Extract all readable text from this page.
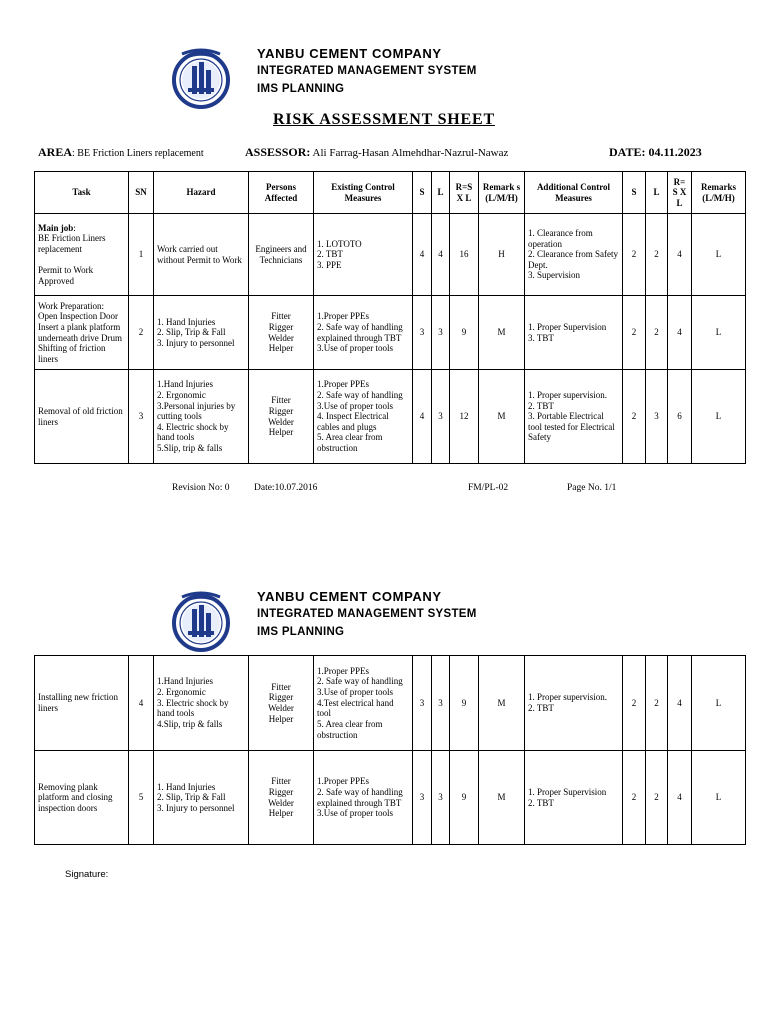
YANBU CEMENT COMPANY
INTEGRATED MANAGEMENT SYSTEM
IMS PLANNING
RISK ASSESSMENT SHEET
AREA: BE Friction Liners replacement	ASSESSOR: Ali Farrag-Hasan Almehdhar-Nazrul-Nawaz	DATE: 04.11.2023
Task	SN	Hazard	Persons Affected	Existing Control Measures	S	L	R=S X L	Remark s (L/M/H)	Additional Control Measures	S	L	R= S X L	Remarks (L/M/H)
Main job:
BE Friction Liners replacement

Permit to Work Approved	1	Work carried out without Permit to Work	Engineers and Technicians	1. LOTOTO
2. TBT
3. PPE	4	4	16	H	1. Clearance from operation
2. Clearance from Safety Dept.
3. Supervision	2	2	4	L
Work Preparation:
Open Inspection Door
Insert a plank platform underneath drive Drum
Shifting of friction liners	2	1. Hand Injuries
2. Slip, Trip & Fall
3. Injury to personnel	Fitter
Rigger
Welder
Helper	1.Proper PPEs
2. Safe way of handling explained through TBT
3.Use of proper tools	3	3	9	M	1. Proper Supervision
3. TBT	2	2	4	L
Removal of old friction liners	3	1.Hand Injuries
2. Ergonomic
3.Personal injuries by cutting tools
4. Electric shock by hand tools
5.Slip, trip & falls	Fitter
Rigger
Welder
Helper	1.Proper PPEs
2. Safe way of handling
3.Use of proper tools
4. Inspect Electrical cables and plugs
5. Area clear from obstruction	4	3	12	M	1. Proper supervision.
2. TBT
3. Portable Electrical tool tested for Electrical Safety	2	3	6	L
Revision No: 0	Date:10.07.2016	FM/PL-02	Page No. 1/1
YANBU CEMENT COMPANY
INTEGRATED MANAGEMENT SYSTEM
IMS PLANNING
Installing new friction liners	4	1.Hand Injuries
2. Ergonomic
3. Electric shock by hand tools
4.Slip, trip & falls	Fitter
Rigger
Welder
Helper	1.Proper PPEs
2. Safe way of handling
3.Use of proper tools
4.Test electrical hand tool
5. Area clear from obstruction	3	3	9	M	1. Proper supervision.
2. TBT	2	2	4	L
Removing plank platform and closing inspection doors	5	1. Hand Injuries
2. Slip, Trip & Fall
3. Injury to personnel	Fitter
Rigger
Welder
Helper	1.Proper PPEs
2. Safe way of handling explained through TBT
3.Use of proper tools	3	3	9	M	1. Proper Supervision
2. TBT	2	2	4	L
Signature:
